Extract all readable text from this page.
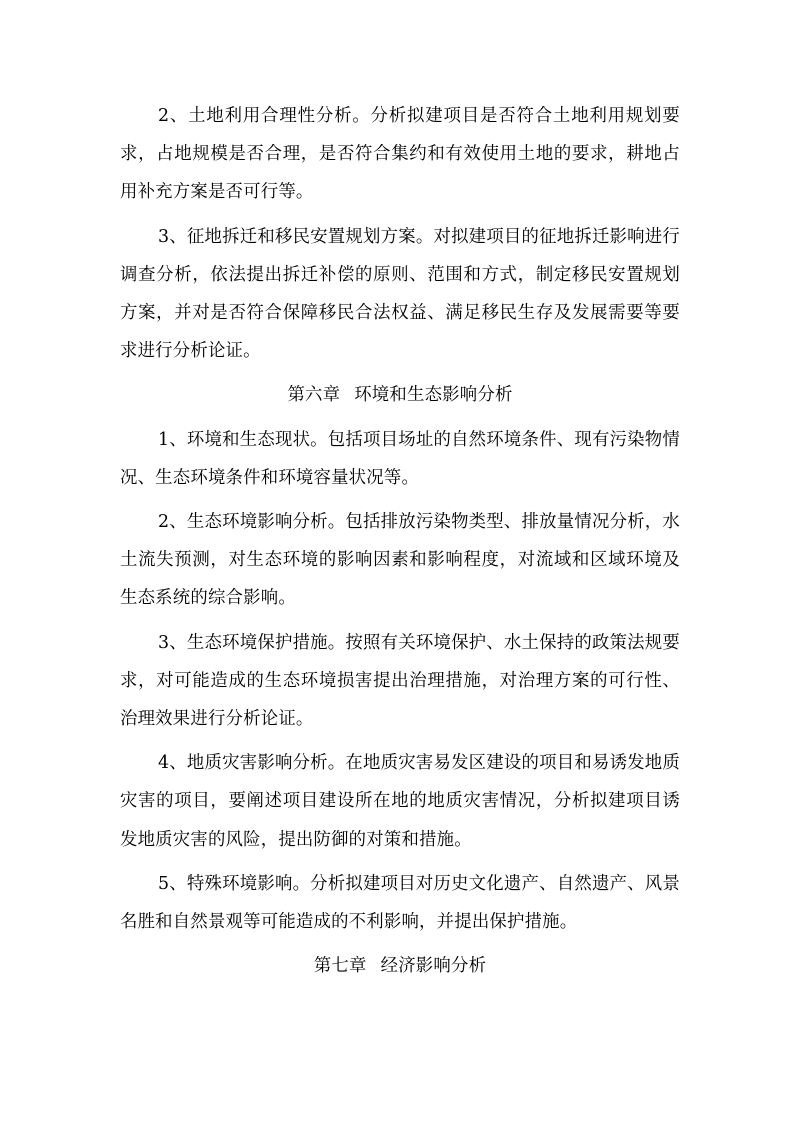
2、土地利用合理性分析。分析拟建项目是否符合土地利用规划要求，占地规模是否合理，是否符合集约和有效使用土地的要求，耕地占用补充方案是否可行等。

3、征地拆迁和移民安置规划方案。对拟建项目的征地拆迁影响进行调查分析，依法提出拆迁补偿的原则、范围和方式，制定移民安置规划方案，并对是否符合保障移民合法权益、满足移民生存及发展需要等要求进行分析论证。

第六章 环境和生态影响分析

1、环境和生态现状。包括项目场址的自然环境条件、现有污染物情况、生态环境条件和环境容量状况等。

2、生态环境影响分析。包括排放污染物类型、排放量情况分析，水土流失预测，对生态环境的影响因素和影响程度，对流域和区域环境及生态系统的综合影响。

3、生态环境保护措施。按照有关环境保护、水土保持的政策法规要求，对可能造成的生态环境损害提出治理措施，对治理方案的可行性、治理效果进行分析论证。

4、地质灾害影响分析。在地质灾害易发区建设的项目和易诱发地质灾害的项目，要阐述项目建设所在地的地质灾害情况，分析拟建项目诱发地质灾害的风险，提出防御的对策和措施。

5、特殊环境影响。分析拟建项目对历史文化遗产、自然遗产、风景名胜和自然景观等可能造成的不利影响，并提出保护措施。

第七章 经济影响分析
